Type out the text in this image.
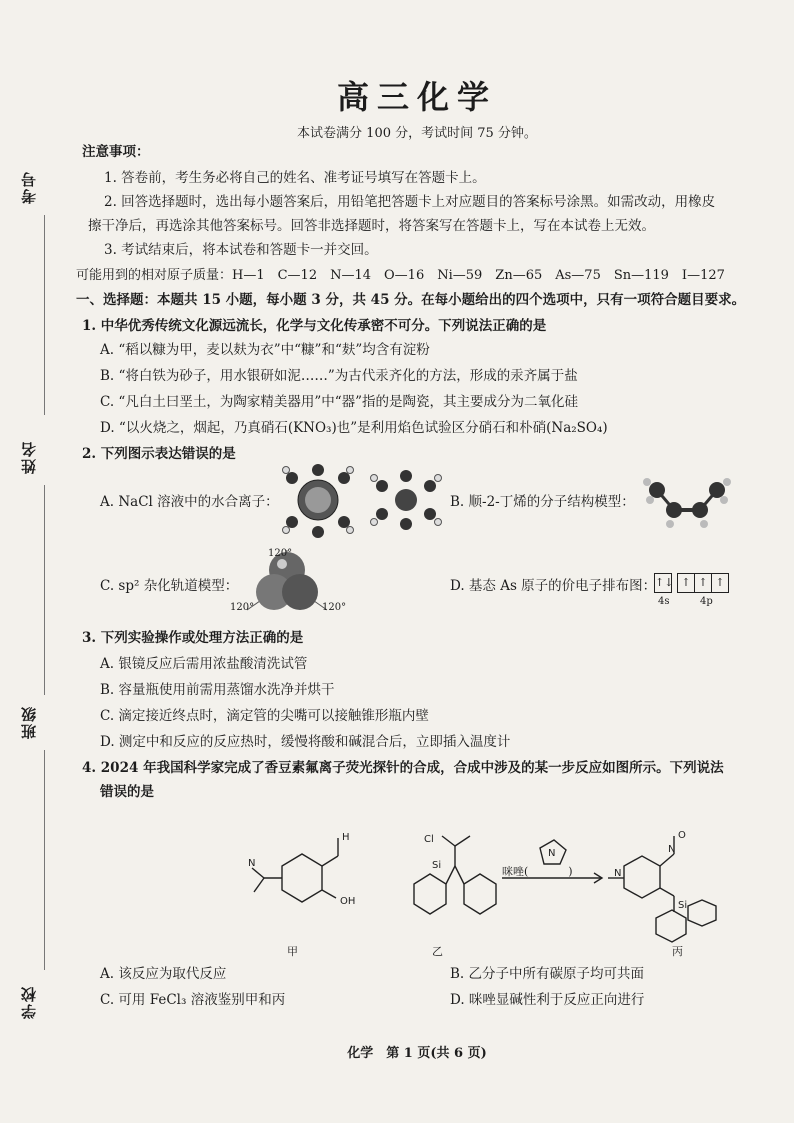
考号
姓名
班级
学校
高三化学
本试卷满分 100 分，考试时间 75 分钟。
注意事项：
1. 答卷前，考生务必将自己的姓名、准考证号填写在答题卡上。
2. 回答选择题时，选出每小题答案后，用铅笔把答题卡上对应题目的答案标号涂黑。如需改动，用橡皮
擦干净后，再选涂其他答案标号。回答非选择题时，将答案写在答题卡上，写在本试卷上无效。
3. 考试结束后，将本试卷和答题卡一并交回。
可能用到的相对原子质量：H—1　C—12　N—14　O—16　Ni—59　Zn—65　As—75　Sn—119　I—127
一、选择题：本题共 15 小题，每小题 3 分，共 45 分。在每小题给出的四个选项中，只有一项符合题目要求。
1. 中华优秀传统文化源远流长，化学与文化传承密不可分。下列说法正确的是
A. “稻以糠为甲，麦以麸为衣”中“糠”和“麸”均含有淀粉
B. “将白铁为砂子，用水银研如泥……”为古代汞齐化的方法，形成的汞齐属于盐
C. “凡白土曰垩土，为陶家精美器用”中“器”指的是陶瓷，其主要成分为二氧化硅
D. “以火烧之，烟起，乃真硝石(KNO₃)也”是利用焰色试验区分硝石和朴硝(Na₂SO₄)
2. 下列图示表达错误的是
A. NaCl 溶液中的水合离子：	B. 顺-2-丁烯的分子结构模型：
C. sp² 杂化轨道模型：
120°
120°	120°
D. 基态 As 原子的价电子排布图：
↑↓ ↑ ↑ ↑
4s	4p
3. 下列实验操作或处理方法正确的是
A. 银镜反应后需用浓盐酸清洗试管
B. 容量瓶使用前需用蒸馏水洗净并烘干
C. 滴定接近终点时，滴定管的尖嘴可以接触锥形瓶内壁
D. 测定中和反应的反应热时，缓慢将酸和碱混合后，立即插入温度计
4. 2024 年我国科学家完成了香豆素氟离子荧光探针的合成，合成中涉及的某一步反应如图所示。下列说法
错误的是
H
OH
N	Si
Cl
N	N
Si
O
N
甲	乙	丙
咪唑(	)
A. 该反应为取代反应	B. 乙分子中所有碳原子均可共面
C. 可用 FeCl₃ 溶液鉴别甲和丙	D. 咪唑显碱性利于反应正向进行
化学　第 1 页(共 6 页)
